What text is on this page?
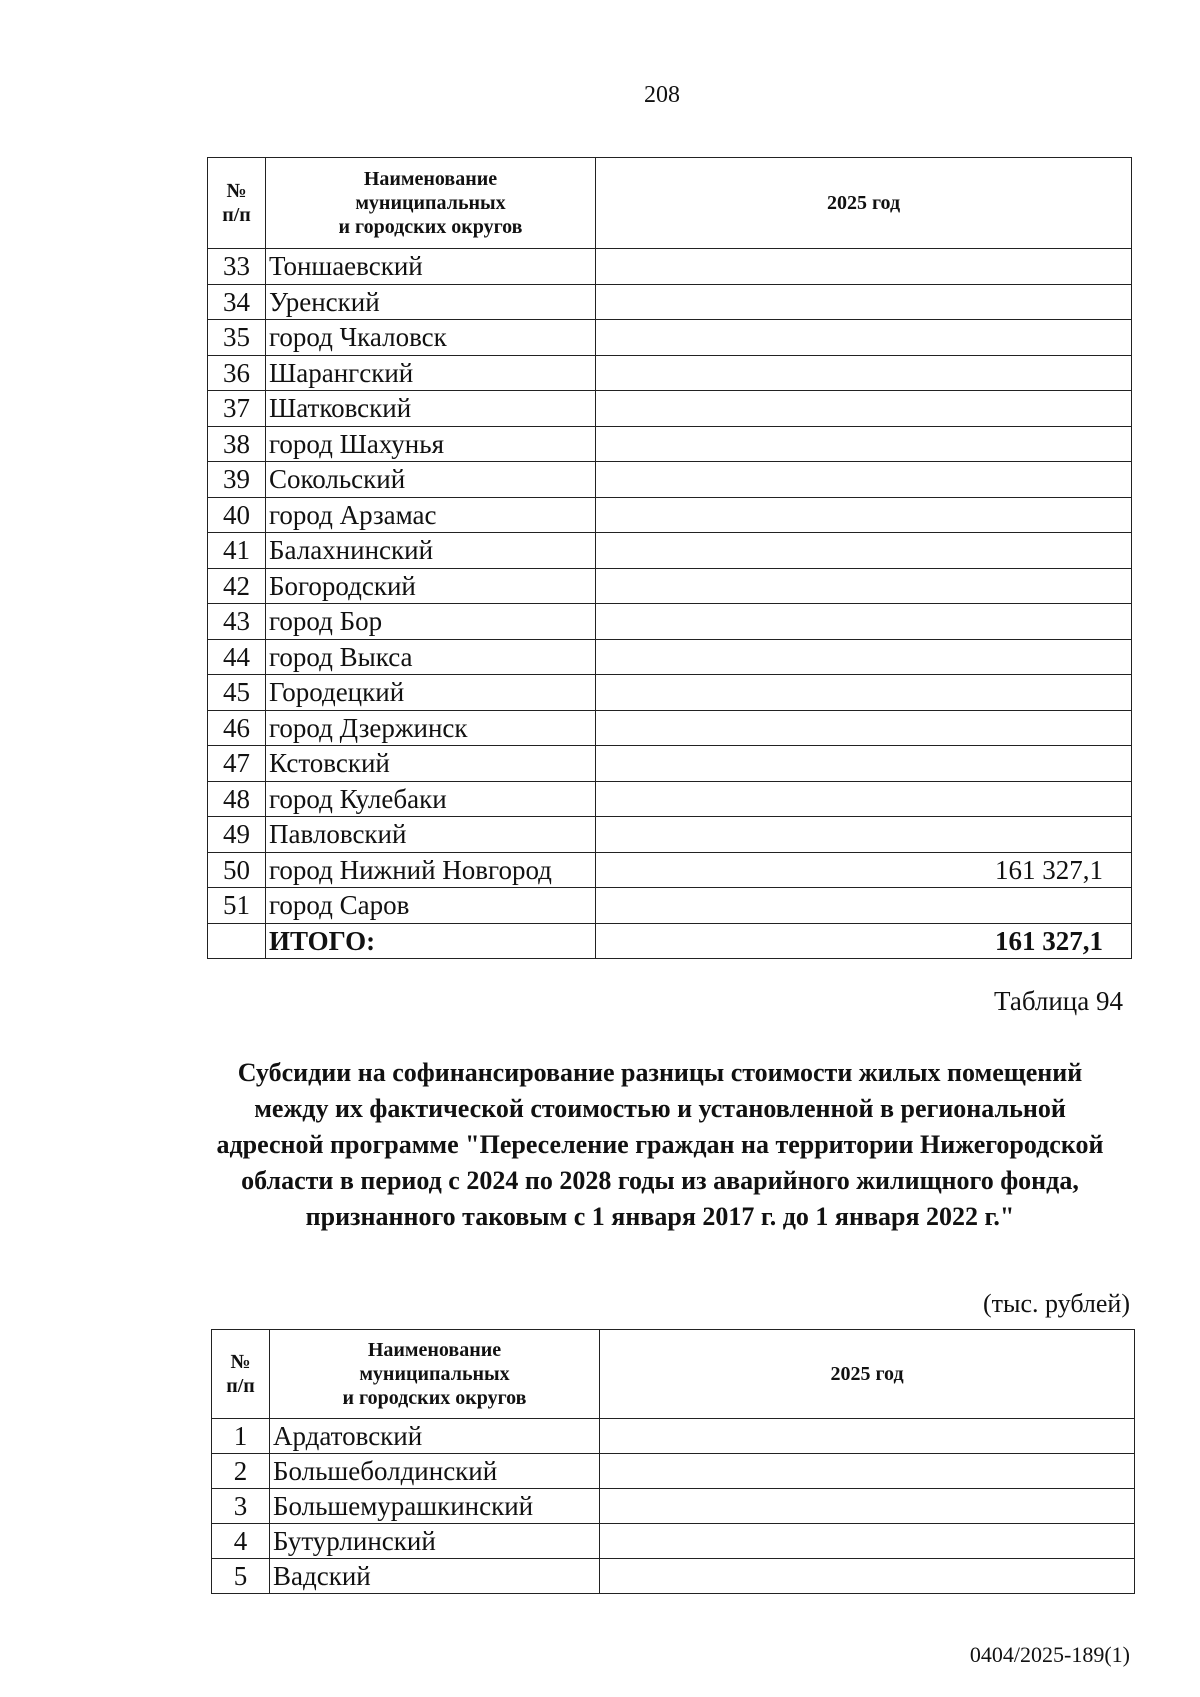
208
№
п/п	Наименование
муниципальных
и городских округов	2025 год
33	Тоншаевский	
34	Уренский	
35	город Чкаловск	
36	Шарангский	
37	Шатковский	
38	город Шахунья	
39	Сокольский	
40	город Арзамас	
41	Балахнинский	
42	Богородский	
43	город Бор	
44	город Выкса	
45	Городецкий	
46	город Дзержинск	
47	Кстовский	
48	город Кулебаки	
49	Павловский	
50	город Нижний Новгород	161 327,1
51	город Саров	
	ИТОГО:	161 327,1
Таблица 94
Субсидии на софинансирование разницы стоимости жилых помещений между их фактической стоимостью и установленной в региональной адресной программе "Переселение граждан на территории Нижегородской области в период с 2024 по 2028 годы из аварийного жилищного фонда, признанного таковым с 1 января 2017 г. до 1 января 2022 г."
(тыс. рублей)
№
п/п	Наименование
муниципальных
и городских округов	2025 год
1	Ардатовский	
2	Большеболдинский	
3	Большемурашкинский	
4	Бутурлинский	
5	Вадский	
0404/2025-189(1)
